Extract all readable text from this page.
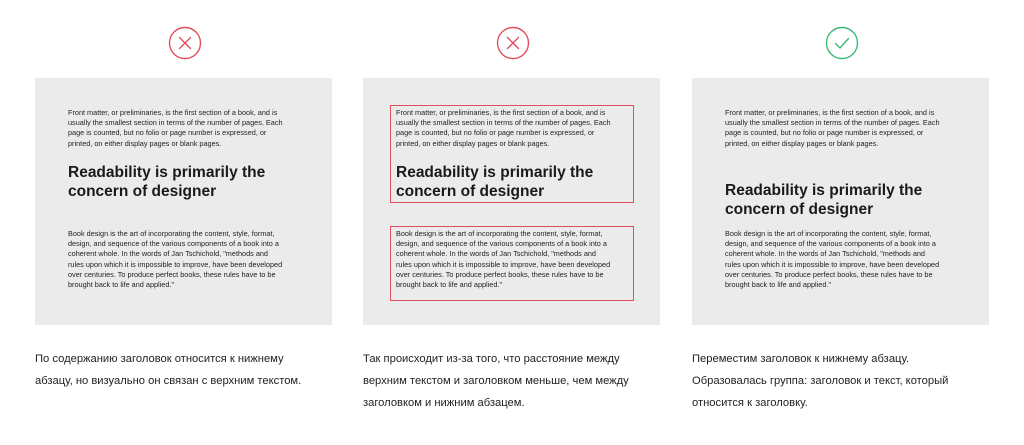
Front matter, or preliminaries, is the first section of a book, and is
usually the smallest section in terms of the number of pages. Each
page is counted, but no folio or page number is expressed, or
printed, on either display pages or blank pages.

Readability is primarily the
concern of designer

Book design is the art of incorporating the content, style, format,
design, and sequence of the various components of a book into a
coherent whole. In the words of Jan Tschichold, "methods and
rules upon which it is impossible to improve, have been developed
over centuries. To produce perfect books, these rules have to be
brought back to life and applied."

По содержанию заголовок относится к нижнему
абзацу, но визуально он связан с верхним текстом.

Front matter, or preliminaries, is the first section of a book, and is
usually the smallest section in terms of the number of pages. Each
page is counted, but no folio or page number is expressed, or
printed, on either display pages or blank pages.

Readability is primarily the
concern of designer

Book design is the art of incorporating the content, style, format,
design, and sequence of the various components of a book into a
coherent whole. In the words of Jan Tschichold, "methods and
rules upon which it is impossible to improve, have been developed
over centuries. To produce perfect books, these rules have to be
brought back to life and applied."

Так происходит из-за того, что расстояние между
верхним текстом и заголовком меньше, чем между
заголовком и нижним абзацем.

Front matter, or preliminaries, is the first section of a book, and is
usually the smallest section in terms of the number of pages. Each
page is counted, but no folio or page number is expressed, or
printed, on either display pages or blank pages.

Readability is primarily the
concern of designer

Book design is the art of incorporating the content, style, format,
design, and sequence of the various components of a book into a
coherent whole. In the words of Jan Tschichold, "methods and
rules upon which it is impossible to improve, have been developed
over centuries. To produce perfect books, these rules have to be
brought back to life and applied."

Переместим заголовок к нижнему абзацу.
Образовалась группа: заголовок и текст, который
относится к заголовку.
